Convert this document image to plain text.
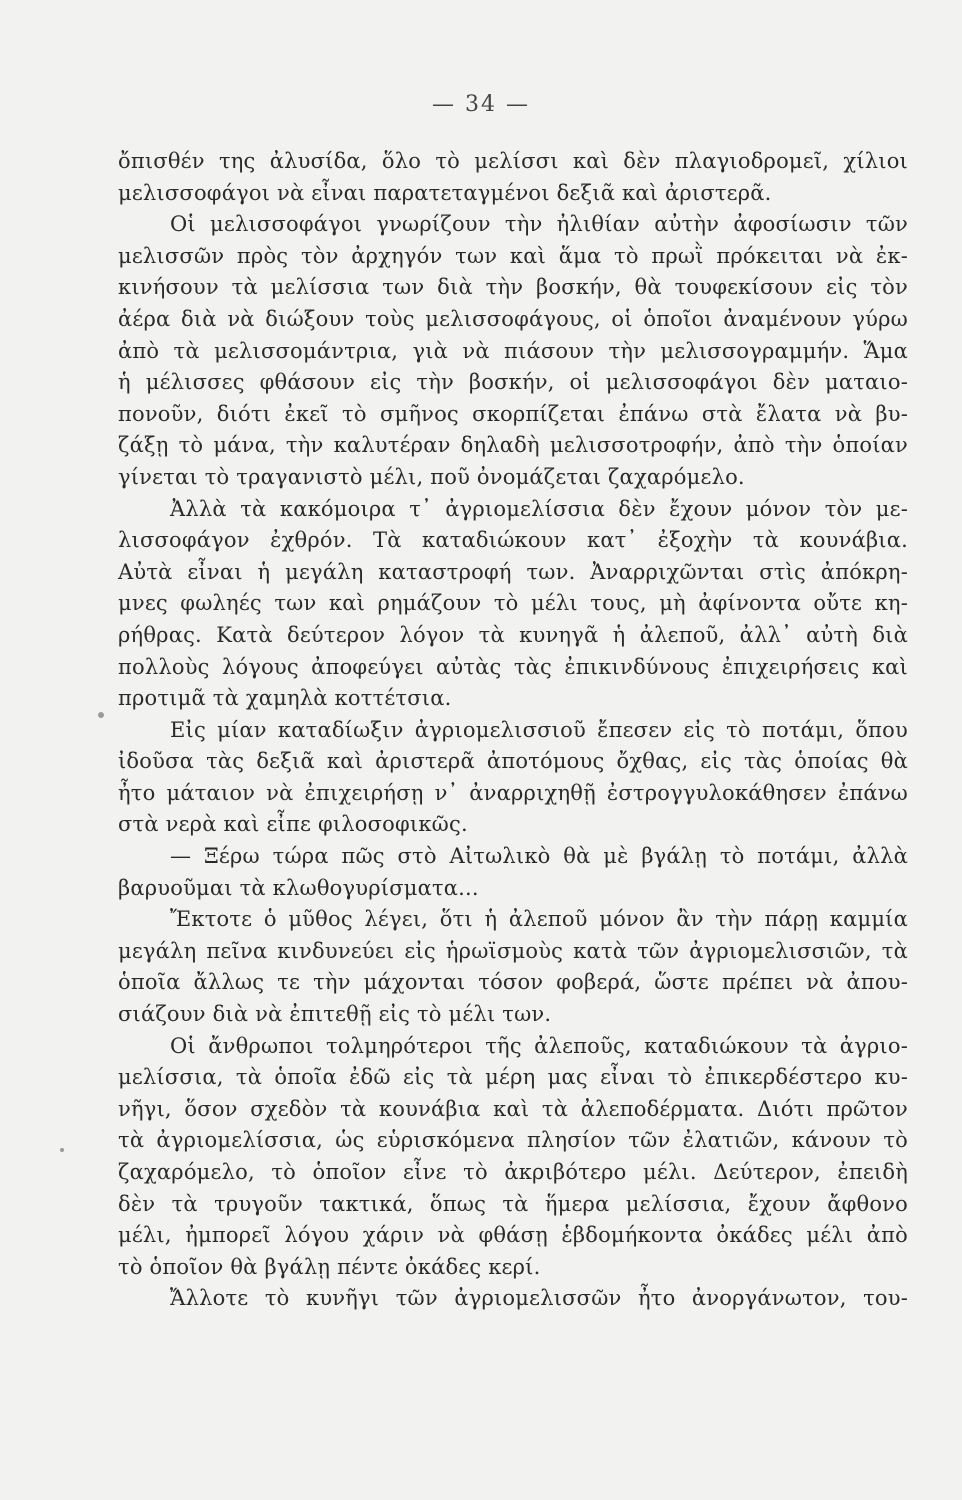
— 34 —
ὄπισθέν της ἀλυσίδα, ὅλο τὸ μελίσσι καὶ δὲν πλαγιοδρομεῖ, χίλιοι
μελισσοφάγοι νὰ εἶναι παρατεταγμένοι δεξιᾶ καὶ ἀριστερᾶ.
Οἱ μελισσοφάγοι γνωρίζουν τὴν ἠλιθίαν αὐτὴν ἀφοσίωσιν τῶν
μελισσῶν πρὸς τὸν ἀρχηγόν των καὶ ἅμα τὸ πρωῒ πρόκειται νὰ ἐκ-
κινήσουν τὰ μελίσσια των διὰ τὴν βοσκήν, θὰ τουφεκίσουν εἰς τὸν
ἀέρα διὰ νὰ διώξουν τοὺς μελισσοφάγους, οἱ ὁποῖοι ἀναμένουν γύρω
ἀπὸ τὰ μελισσομάντρια, γιὰ νὰ πιάσουν τὴν μελισσογραμμήν. Ἅμα
ἡ μέλισσες φθάσουν εἰς τὴν βοσκήν, οἱ μελισσοφάγοι δὲν ματαιο-
πονοῦν, διότι ἐκεῖ τὸ σμῆνος σκορπίζεται ἐπάνω στὰ ἔλατα νὰ βυ-
ζάξῃ τὸ μάνα, τὴν καλυτέραν δηλαδὴ μελισσοτροφήν, ἀπὸ τὴν ὁποίαν
γίνεται τὸ τραγανιστὸ μέλι, ποῦ ὀνομάζεται ζαχαρόμελο.
Ἀλλὰ τὰ κακόμοιρα τ᾽ ἀγριομελίσσια δὲν ἔχουν μόνον τὸν με-
λισσοφάγον ἐχθρόν. Τὰ καταδιώκουν κατ᾽ ἐξοχὴν τὰ κουνάβια.
Αὐτὰ εἶναι ἡ μεγάλη καταστροφή των. Ἀναρριχῶνται στὶς ἀπόκρη-
μνες φωληές των καὶ ρημάζουν τὸ μέλι τους, μὴ ἀφίνοντα οὔτε κη-
ρήθρας. Κατὰ δεύτερον λόγον τὰ κυνηγᾶ ἡ ἀλεποῦ, ἀλλ᾽ αὐτὴ διὰ
πολλοὺς λόγους ἀποφεύγει αὐτὰς τὰς ἐπικινδύνους ἐπιχειρήσεις καὶ
προτιμᾶ τὰ χαμηλὰ κοττέτσια.
Εἰς μίαν καταδίωξιν ἀγριομελισσιοῦ ἔπεσεν εἰς τὸ ποτάμι, ὅπου
ἰδοῦσα τὰς δεξιᾶ καὶ ἀριστερᾶ ἀποτόμους ὄχθας, εἰς τὰς ὁποίας θὰ
ἦτο μάταιον νὰ ἐπιχειρήσῃ ν᾽ ἀναρριχηθῇ ἐστρογγυλοκάθησεν ἐπάνω
στὰ νερὰ καὶ εἶπε φιλοσοφικῶς.
— Ξέρω τώρα πῶς στὸ Αἰτωλικὸ θὰ μὲ βγάλῃ τὸ ποτάμι, ἀλλὰ
βαρυοῦμαι τὰ κλωθογυρίσματα...
Ἔκτοτε ὁ μῦθος λέγει, ὅτι ἡ ἀλεποῦ μόνον ἂν τὴν πάρῃ καμμία
μεγάλη πεῖνα κινδυνεύει εἰς ἡρωϊσμοὺς κατὰ τῶν ἀγριομελισσιῶν, τὰ
ὁποῖα ἄλλως τε τὴν μάχονται τόσον φοβερά, ὥστε πρέπει νὰ ἀπου-
σιάζουν διὰ νὰ ἐπιτεθῇ εἰς τὸ μέλι των.
Οἱ ἄνθρωποι τολμηρότεροι τῆς ἀλεποῦς, καταδιώκουν τὰ ἀγριο-
μελίσσια, τὰ ὁποῖα ἐδῶ εἰς τὰ μέρη μας εἶναι τὸ ἐπικερδέστερο κυ-
νῆγι, ὅσον σχεδὸν τὰ κουνάβια καὶ τὰ ἀλεποδέρματα. Διότι πρῶτον
τὰ ἀγριομελίσσια, ὡς εὑρισκόμενα πλησίον τῶν ἐλατιῶν, κάνουν τὸ
ζαχαρόμελο, τὸ ὁποῖον εἶνε τὸ ἀκριβότερο μέλι. Δεύτερον, ἐπειδὴ
δὲν τὰ τρυγοῦν τακτικά, ὅπως τὰ ἥμερα μελίσσια, ἔχουν ἄφθονο
μέλι, ἠμπορεῖ λόγου χάριν νὰ φθάσῃ ἑβδομήκοντα ὀκάδες μέλι ἀπὸ
τὸ ὁποῖον θὰ βγάλῃ πέντε ὀκάδες κερί.
Ἄλλοτε τὸ κυνῆγι τῶν ἀγριομελισσῶν ἦτο ἀνοργάνωτον, του-
